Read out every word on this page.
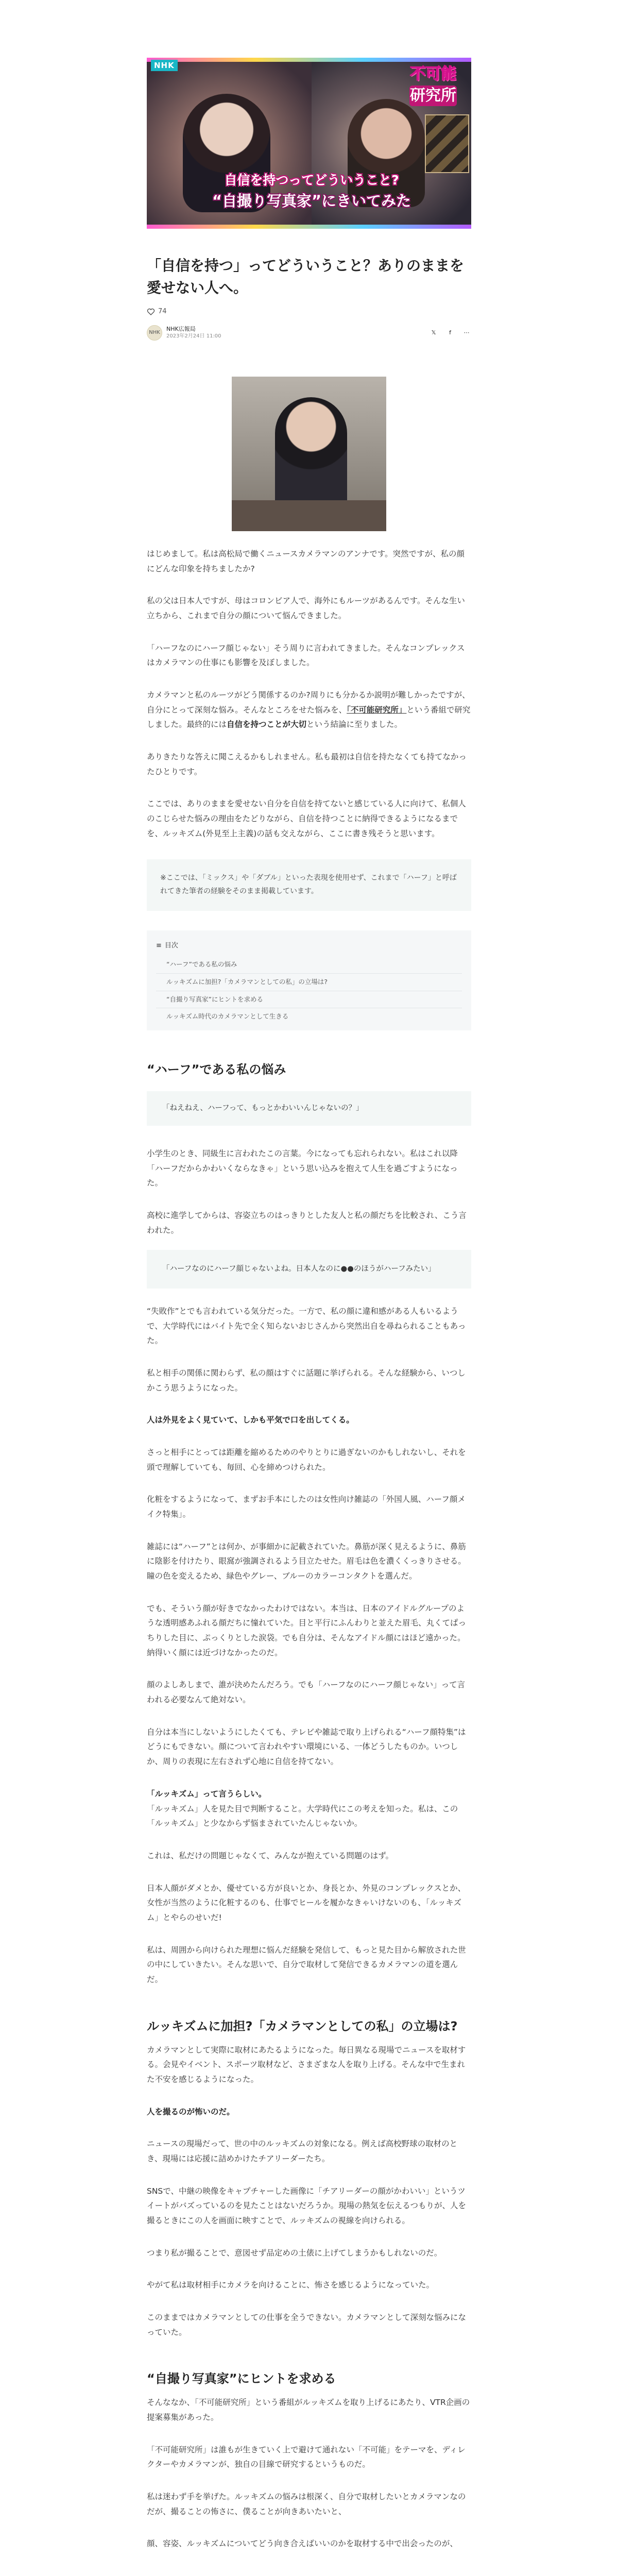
NHK	不可能
研究所
自信を持つってどういうこと?
“自撮り写真家”にきいてみた
「自信を持つ」ってどういうこと？ありのままを愛せない人へ。
74
NHK	NHK広報局
2023年2月24日 11:00
𝕏	f	⋯

はじめまして。私は高松局で働くニュースカメラマンのアンナです。突然ですが、私の顔にどんな印象を持ちましたか?

私の父は日本人ですが、母はコロンビア人で、海外にもルーツがあるんです。そんな生い立ちから、これまで自分の顔について悩んできました。

「ハーフなのにハーフ顔じゃない」そう周りに言われてきました。そんなコンプレックスはカメラマンの仕事にも影響を及ぼしました。

カメラマンと私のルーツがどう関係するのか?周りにも分かるか説明が難しかったですが、自分にとって深刻な悩み。そんなところをせた悩みを、「不可能研究所」という番組で研究しました。最終的には自信を持つことが大切という結論に至りました。

ありきたりな答えに聞こえるかもしれません。私も最初は自信を持たなくても持てなかったひとりです。

ここでは、ありのままを愛せない自分を自信を持てないと感じている人に向けて、私個人のこじらせた悩みの理由をたどりながら、自信を持つことに納得できるようになるまでを、ルッキズム(外見至上主義)の話も交えながら、ここに書き残そうと思います。

※ここでは、「ミックス」や「ダブル」といった表現を使用せず、これまで「ハーフ」と呼ばれてきた筆者の経験をそのまま掲載しています。
≡ 目次
“ハーフ”である私の悩み
ルッキズムに加担?「カメラマンとしての私」の立場は?
“自撮り写真家”にヒントを求める
ルッキズム時代のカメラマンとして生きる
“ハーフ”である私の悩み
「ねえねえ、ハーフって、もっとかわいいんじゃないの？」

小学生のとき、同級生に言われたこの言葉。今になっても忘れられない。私はこれ以降「ハーフだからかわいくならなきゃ」という思い込みを抱えて人生を過ごすようになった。

高校に進学してからは、容姿立ちのはっきりとした友人と私の顔だちを比較され、こう言われた。

「ハーフなのにハーフ顔じゃないよね。日本人なのに●●のほうがハーフみたい」

“失敗作”とでも言われている気分だった。一方で、私の顔に違和感がある人もいるようで、大学時代にはバイト先で全く知らないおじさんから突然出自を尋ねられることもあった。

私と相手の関係に関わらず、私の顔はすぐに話題に挙げられる。そんな経験から、いつしかこう思うようになった。

人は外見をよく見ていて、しかも平気で口を出してくる。

さっと相手にとっては距離を縮めるためのやりとりに過ぎないのかもしれないし、それを頭で理解していても、毎回、心を締めつけられた。

化粧をするようになって、まずお手本にしたのは女性向け雑誌の「外国人風、ハーフ顔メイク特集」。

雑誌には“ハーフ”とは何か、が事細かに記載されていた。鼻筋が深く見えるように、鼻筋に陰影を付けたり、眼窩が強調されるよう目立たせた。眉毛は色を濃くくっきりさせる。瞳の色を変えるため、緑色やグレー、ブルーのカラーコンタクトを選んだ。

でも、そういう顔が好きでなかったわけではない。本当は、日本のアイドルグループのような透明感あふれる顔だちに憧れていた。目と平行にふんわりと並えた眉毛、丸くてぱっちりした目に、ぷっくりとした涙袋。でも自分は、そんなアイドル顔にはほど遠かった。納得いく顔には近づけなかったのだ。

顔のよしあしまで、誰が決めたんだろう。でも「ハーフなのにハーフ顔じゃない」って言われる必要なんて絶対ない。

自分は本当にしないようにしたくても、テレビや雑誌で取り上げられる“ハーフ顔特集”はどうにもできない。顔について言われやすい環境にいる、一体どうしたものか。いつしか、周りの表現に左右されず心地に自信を持てない。

「ルッキズム」って言うらしい。
「ルッキズム」人を見た目で判断すること。大学時代にこの考えを知った。私は、この「ルッキズム」と少なからず悩まされていたんじゃないか。

これは、私だけの問題じゃなくて、みんなが抱えている問題のはず。

日本人顔がダメとか、優せている方が良いとか、身長とか、外見のコンプレックスとか、女性が当然のように化粧するのも、仕事でヒールを履かなきゃいけないのも、「ルッキズム」とやらのせいだ!

私は、周囲から向けられた理想に悩んだ経験を発信して、もっと見た目から解放された世の中にしていきたい。そんな思いで、自分で取材して発信できるカメラマンの道を選んだ。

ルッキズムに加担?「カメラマンとしての私」の立場は?

カメラマンとして実際に取材にあたるようになった。毎日異なる現場でニュースを取材する。会見やイベント、スポーツ取材など、さまざまな人を取り上げる。そんな中で生まれた不安を感じるようになった。

人を撮るのが怖いのだ。

ニュースの現場だって、世の中のルッキズムの対象になる。例えば高校野球の取材のとき、現場には応援に詰めかけたチアリーダーたち。

SNSで、中継の映像をキャプチャーした画像に「チアリーダーの顔がかわいい」というツイートがバズっているのを見たことはないだろうか。現場の熱気を伝えるつもりが、人を撮るときにこの人を画面に映すことで、ルッキズムの視線を向けられる。

つまり私が撮ることで、意図せず品定めの土俵に上げてしまうかもしれないのだ。

やがて私は取材相手にカメラを向けることに、怖さを感じるようになっていた。

このままではカメラマンとしての仕事を全うできない。カメラマンとして深刻な悩みになっていた。

“自撮り写真家”にヒントを求める

そんななか、「不可能研究所」という番組がルッキズムを取り上げるにあたり、VTR企画の提案募集があった。

「不可能研究所」は誰もが生きていく上で避けて通れない「不可能」をテーマを、ディレクターやカメラマンが、独自の目線で研究するというものだ。

私は迷わず手を挙げた。ルッキズムの悩みは根深く、自分で取材したいとカメラマンなのだが、撮ることの怖さに、僕ることが向きあいたいと、

顔、容姿、ルッキズムについてどう向き合えばいいのかを取材する中で出会ったのが、
